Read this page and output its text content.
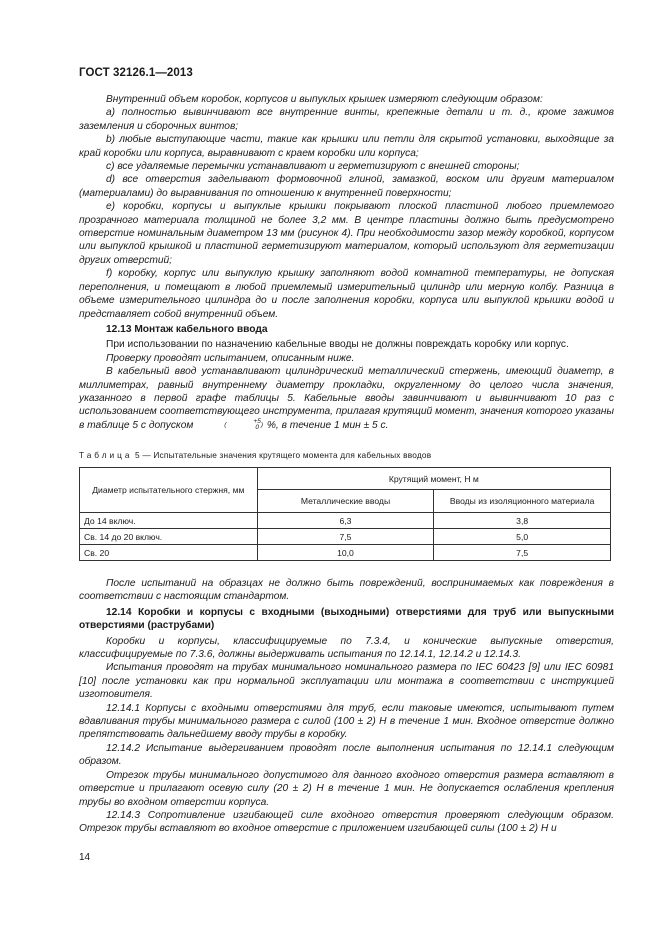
ГОСТ 32126.1—2013

Внутренний объем коробок, корпусов и выпуклых крышек измеряют следующим образом:

а) полностью вывинчивают все внутренние винты, крепежные детали и т. д., кроме зажимов заземления и сборочных винтов;

b) любые выступающие части, такие как крышки или петли для скрытой установки, выходящие за край коробки или корпуса, выравнивают с краем коробки или корпуса;

c) все удаляемые перемычки устанавливают и герметизируют с внешней стороны;

d) все отверстия заделывают формовочной глиной, замазкой, воском или другим материалом (материалами) до выравнивания по отношению к внутренней поверхности;

e) коробки, корпусы и выпуклые крышки покрывают плоской пластиной любого приемлемого прозрачного материала толщиной не более 3,2 мм. В центре пластины должно быть предусмотрено отверстие номинальным диаметром 13 мм (рисунок 4). При необходимости зазор между коробкой, корпусом или выпуклой крышкой и пластиной герметизируют материалом, который используют для герметизации других отверстий;

f) коробку, корпус или выпуклую крышку заполняют водой комнатной температуры, не допуская переполнения, и помещают в любой приемлемый измерительный цилиндр или мерную колбу. Разница в объеме измерительного цилиндра до и после заполнения коробки, корпуса или выпуклой крышки водой и представляет собой внутренний объем.

12.13 Монтаж кабельного ввода

При использовании по назначению кабельные вводы не должны повреждать коробку или корпус.

Проверку проводят испытанием, описанным ниже.

В кабельный ввод устанавливают цилиндрический металлический стержень, имеющий диаметр, в миллиметрах, равный внутреннему диаметру прокладки, округленному до целого числа значения, указанного в первой графе таблицы 5. Кабельные вводы завинчивают и вывинчивают 10 раз с использованием соответствующего инструмента, прилагая крутящий момент, значения которого указаны в таблице 5 с допуском	(
+5
0 ) %, в течение 1 мин ± 5 с.

Таблица 5 — Испытательные значения крутящего момента для кабельных вводов
Диаметр испытательного стержня, мм	Крутящий момент, Н м	
	Металлические вводы	Вводы из изоляционного материала
До 14 включ.	6,3	3,8
Св. 14 до 20 включ.	7,5	5,0
Св. 20	10,0	7,5

После испытаний на образцах не должно быть повреждений, воспринимаемых как повреждения в соответствии с настоящим стандартом.

12.14 Коробки и корпусы с входными (выходными) отверстиями для труб или выпускными отверстиями (раструбами)

Коробки и корпусы, классифицируемые по 7.3.4, и конические выпускные отверстия, классифицируемые по 7.3.6, должны выдерживать испытания по 12.14.1, 12.14.2 и 12.14.3.

Испытания проводят на трубах минимального номинального размера по IEC 60423 [9] или IEC 60981 [10] после установки как при нормальной эксплуатации или монтажа в соответствии с инструкцией изготовителя.

12.14.1 Корпусы с входными отверстиями для труб, если таковые имеются, испытывают путем вдавливания трубы минимального размера с силой (100 ± 2) Н в течение 1 мин. Входное отверстие должно препятствовать дальнейшему вводу трубы в коробку.

12.14.2 Испытание выдергиванием проводят после выполнения испытания по 12.14.1 следующим образом.

Отрезок трубы минимального допустимого для данного входного отверстия размера вставляют в отверстие и прилагают осевую силу (20 ± 2) Н в течение 1 мин. Не допускается ослабления крепления трубы во входном отверстии корпуса.

12.14.3 Сопротивление изгибающей силе входного отверстия проверяют следующим образом. Отрезок трубы вставляют во входное отверстие с приложением изгибающей силы (100 ± 2) Н и

14
